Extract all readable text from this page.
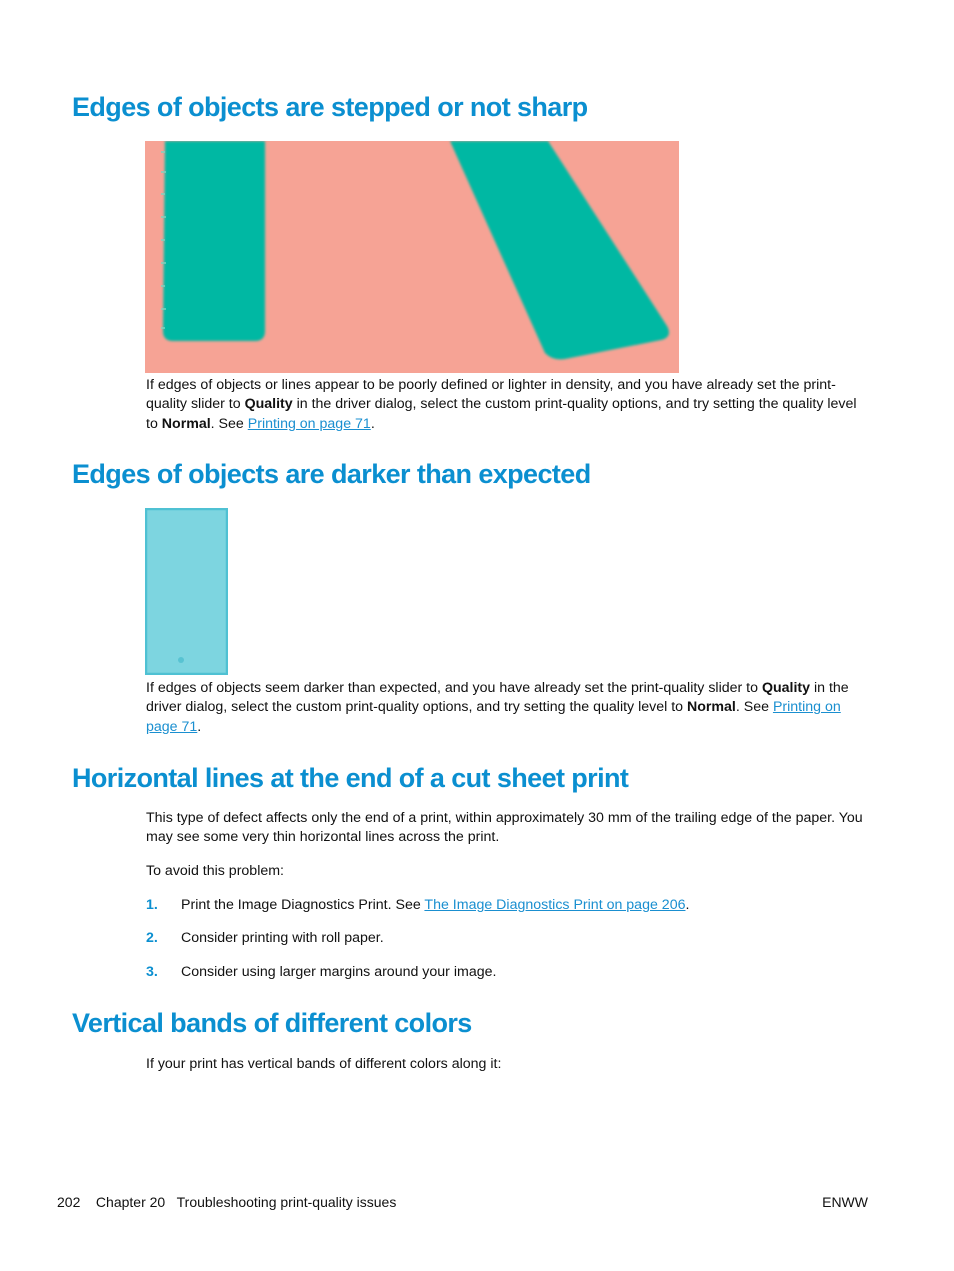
Edges of objects are stepped or not sharp

If edges of objects or lines appear to be poorly defined or lighter in density, and you have already set the print-quality slider to Quality in the driver dialog, select the custom print-quality options, and try setting the quality level to Normal. See Printing on page 71.

Edges of objects are darker than expected

If edges of objects seem darker than expected, and you have already set the print-quality slider to Quality in the driver dialog, select the custom print-quality options, and try setting the quality level to Normal. See Printing on page 71.

Horizontal lines at the end of a cut sheet print

This type of defect affects only the end of a print, within approximately 30 mm of the trailing edge of the paper. You may see some very thin horizontal lines across the print.

To avoid this problem:

1. Print the Image Diagnostics Print. See The Image Diagnostics Print on page 206.
2. Consider printing with roll paper.
3. Consider using larger margins around your image.
Vertical bands of different colors

If your print has vertical bands of different colors along it:

202 Chapter 20 Troubleshooting print-quality issues	ENWW
